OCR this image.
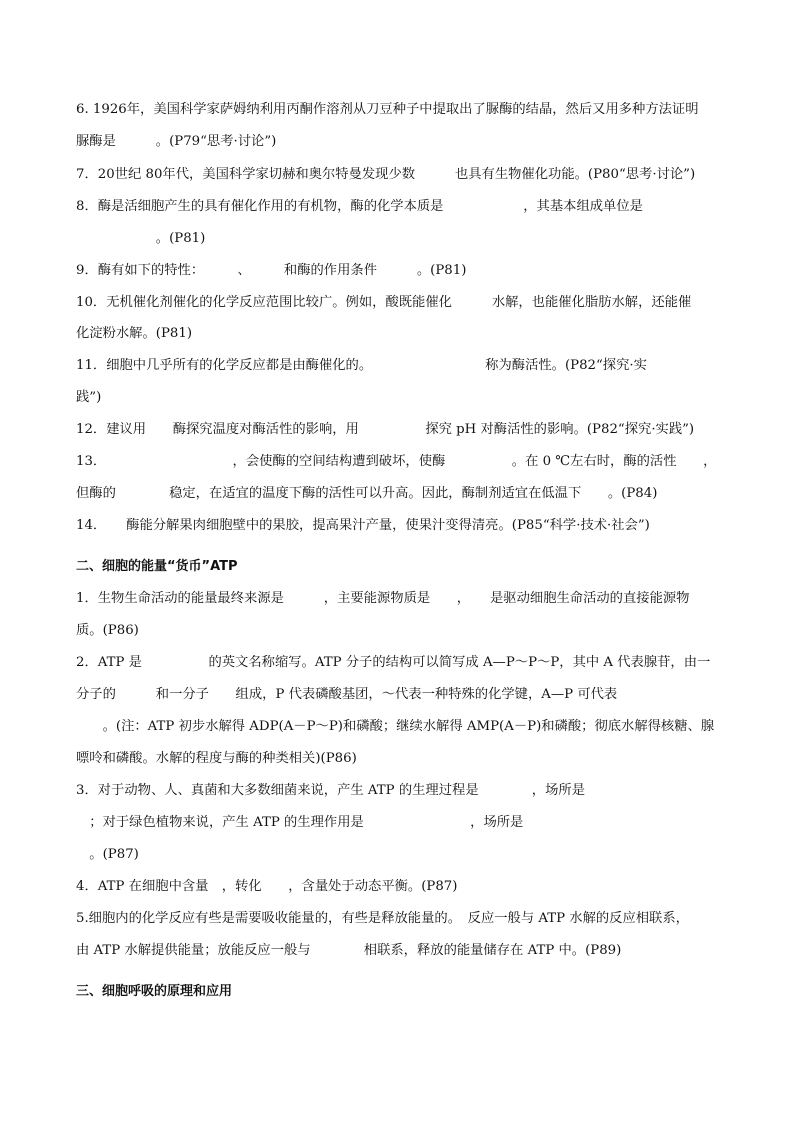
6. 1926年，美国科学家萨姆纳利用丙酮作溶剂从刀豆种子中提取出了脲酶的结晶，然后又用多种方法证明
脲酶是　　　。(P79“思考·讨论”)
7．20世纪 80年代，美国科学家切赫和奥尔特曼发现少数　　　也具有生物催化功能。(P80“思考·讨论”)
8．酶是活细胞产生的具有催化作用的有机物，酶的化学本质是　　　　　　，其基本组成单位是
　　　　　　。(P81)
9．酶有如下的特性：　　　、　　　和酶的作用条件　　　。(P81)
10．无机催化剂催化的化学反应范围比较广。例如，酸既能催化　　　水解，也能催化脂肪水解，还能催
化淀粉水解。(P81)
11．细胞中几乎所有的化学反应都是由酶催化的。　　　　　　　　　称为酶活性。(P82“探究·实
践”)
12．建议用　　酶探究温度对酶活性的影响，用　　　　　探究 pH 对酶活性的影响。(P82“探究·实践”)
13．　　　　　　　　　　，会使酶的空间结构遭到破坏，使酶　　　　　。在 0 ℃左右时，酶的活性　　，
但酶的　　　　稳定，在适宜的温度下酶的活性可以升高。因此，酶制剂适宜在低温下　　。(P84)
14．　　酶能分解果肉细胞壁中的果胶，提高果汁产量，使果汁变得清亮。(P85“科学·技术·社会”)
二、细胞的能量“货币”ATP
1．生物生命活动的能量最终来源是　　　，主要能源物质是　　，　　是驱动细胞生命活动的直接能源物
质。(P86)
2．ATP 是　　　　　的英文名称缩写。ATP 分子的结构可以简写成 A—P～P～P，其中 A 代表腺苷，由一
分子的　　　和一分子　　组成，P 代表磷酸基团，～代表一种特殊的化学键，A—P 可代表
　　。(注：ATP 初步水解得 ADP(A－P～P)和磷酸；继续水解得 AMP(A－P)和磷酸；彻底水解得核糖、腺
嘌呤和磷酸。水解的程度与酶的种类相关)(P86)
3．对于动物、人、真菌和大多数细菌来说，产生 ATP 的生理过程是　　　　，场所是
　；对于绿色植物来说，产生 ATP 的生理作用是　　　　　　　　，场所是
　。(P87)
4．ATP 在细胞中含量　，转化　　，含量处于动态平衡。(P87)
5.细胞内的化学反应有些是需要吸收能量的，有些是释放能量的。　反应一般与 ATP 水解的反应相联系，
由 ATP 水解提供能量；放能反应一般与　　　　相联系，释放的能量储存在 ATP 中。(P89)
三、细胞呼吸的原理和应用
